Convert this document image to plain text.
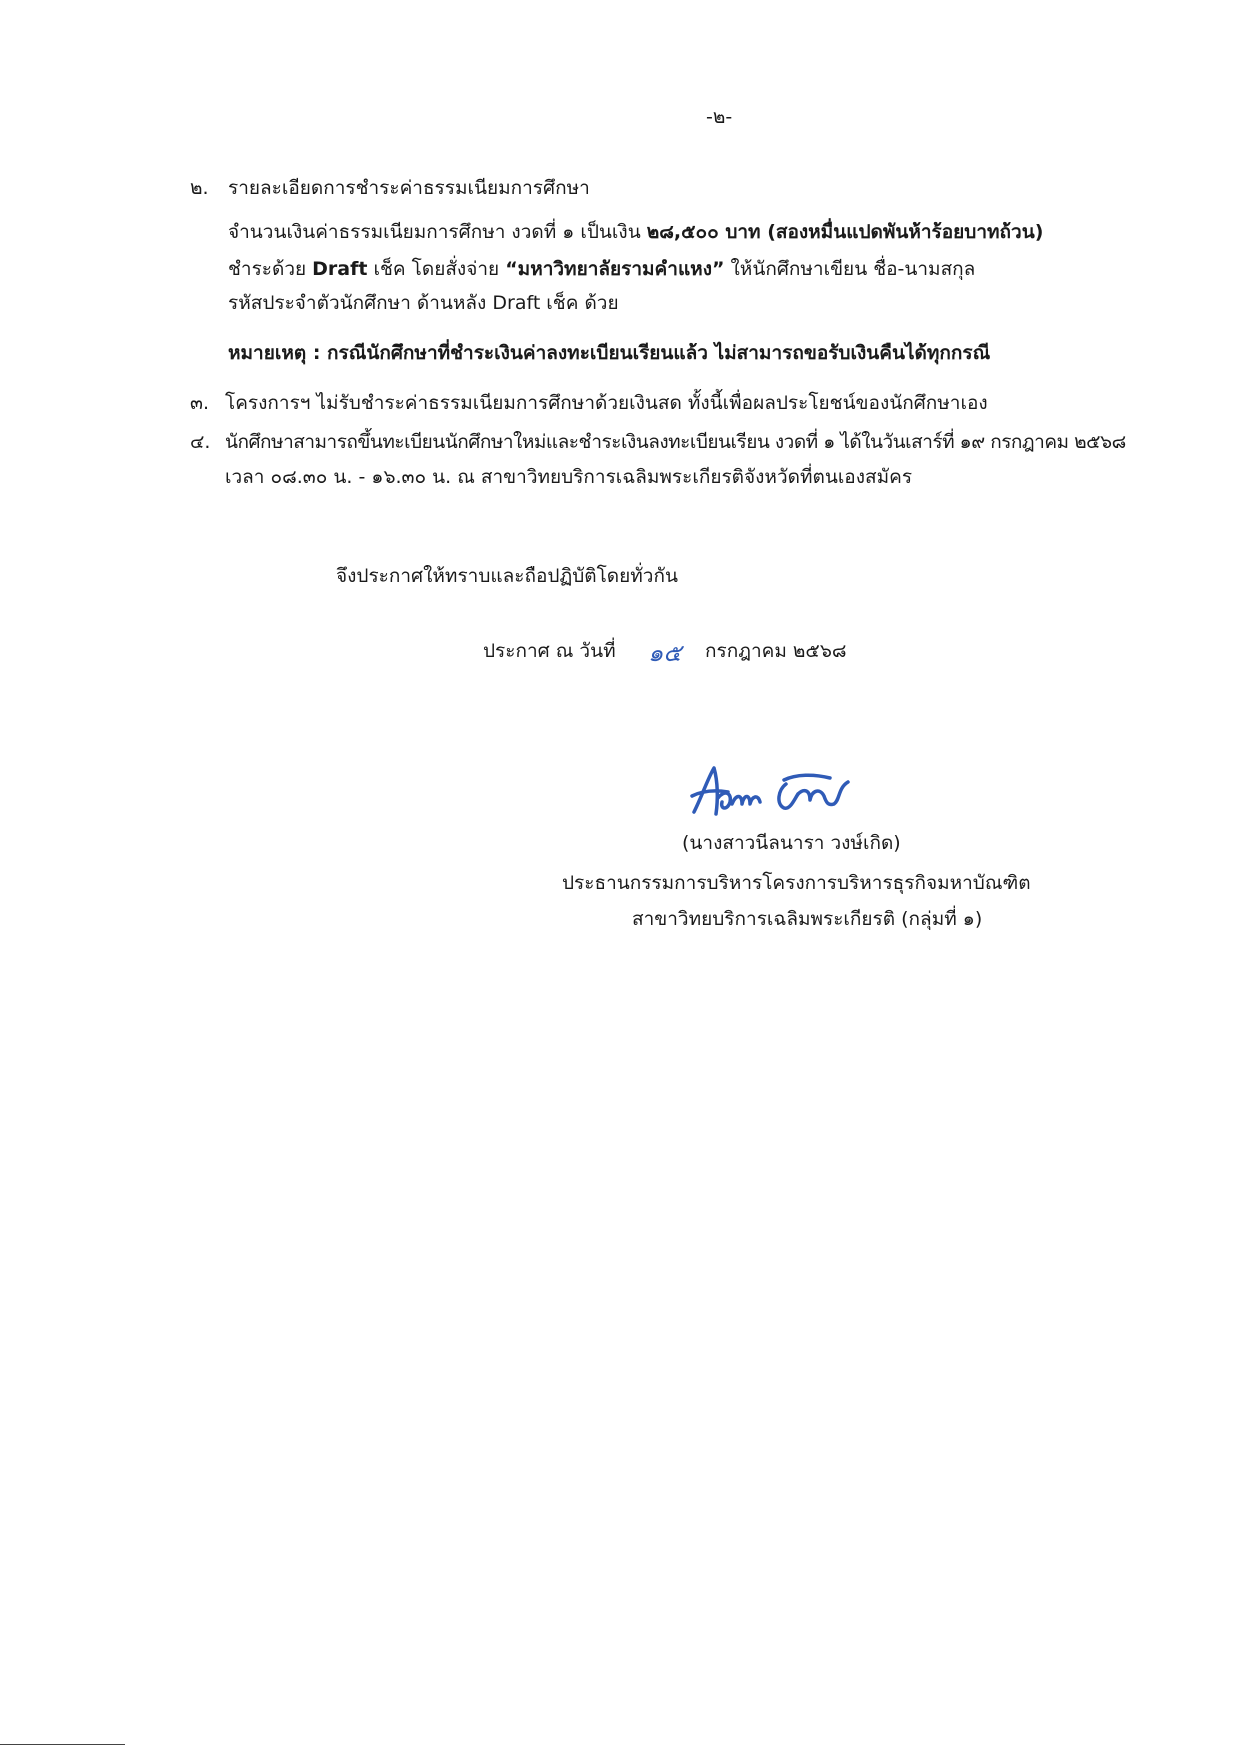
-๒-
๒. รายละเอียดการชำระค่าธรรมเนียมการศึกษา
จำนวนเงินค่าธรรมเนียมการศึกษา งวดที่ ๑ เป็นเงิน ๒๘,๕๐๐ บาท (สองหมื่นแปดพันห้าร้อยบาทถ้วน)
ชำระด้วย Draft เช็ค โดยสั่งจ่าย “มหาวิทยาลัยรามคำแหง” ให้นักศึกษาเขียน ชื่อ-นามสกุล
รหัสประจำตัวนักศึกษา ด้านหลัง Draft เช็ค ด้วย
หมายเหตุ : กรณีนักศึกษาที่ชำระเงินค่าลงทะเบียนเรียนแล้ว ไม่สามารถขอรับเงินคืนได้ทุกกรณี
๓. โครงการฯ ไม่รับชำระค่าธรรมเนียมการศึกษาด้วยเงินสด ทั้งนี้เพื่อผลประโยชน์ของนักศึกษาเอง
๔. นักศึกษาสามารถขึ้นทะเบียนนักศึกษาใหม่และชำระเงินลงทะเบียนเรียน งวดที่ ๑ ได้ในวันเสาร์ที่ ๑๙ กรกฎาคม ๒๕๖๘
เวลา ๐๘.๓๐ น. - ๑๖.๓๐ น. ณ สาขาวิทยบริการเฉลิมพระเกียรติจังหวัดที่ตนเองสมัคร
จึงประกาศให้ทราบและถือปฏิบัติโดยทั่วกัน
ประกาศ ณ วันที่ ๑๕ กรกฎาคม ๒๕๖๘
(นางสาวนีลนารา วงษ์เกิด)
ประธานกรรมการบริหารโครงการบริหารธุรกิจมหาบัณฑิต
สาขาวิทยบริการเฉลิมพระเกียรติ (กลุ่มที่ ๑)
